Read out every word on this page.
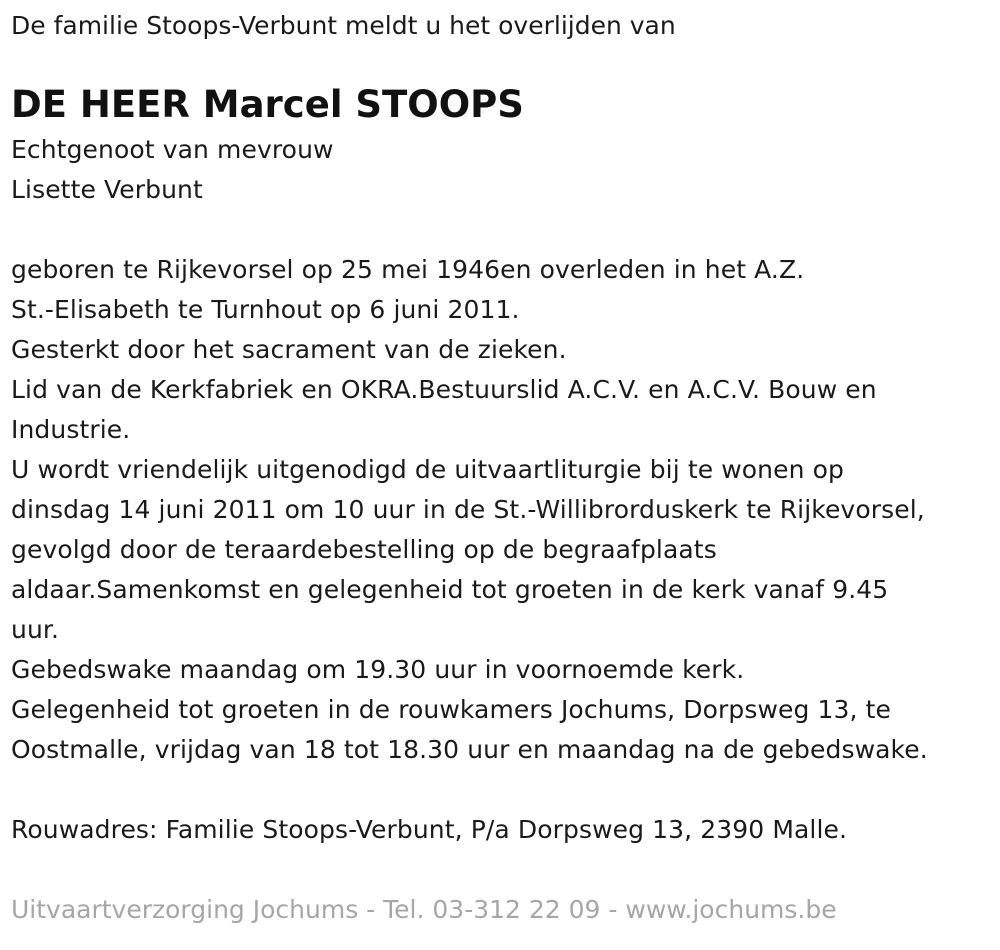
De familie Stoops-Verbunt meldt u het overlijden van
DE HEER Marcel STOOPS
Echtgenoot van mevrouw
Lisette Verbunt
geboren te Rijkevorsel op 25 mei 1946en overleden in het A.Z.
St.-Elisabeth te Turnhout op 6 juni 2011.
Gesterkt door het sacrament van de zieken.
Lid van de Kerkfabriek en OKRA.Bestuurslid A.C.V. en A.C.V. Bouw en
Industrie.
U wordt vriendelijk uitgenodigd de uitvaartliturgie bij te wonen op
dinsdag 14 juni 2011 om 10 uur in de St.-Willibrorduskerk te Rijkevorsel,
gevolgd door de teraardebestelling op de begraafplaats
aldaar.Samenkomst en gelegenheid tot groeten in de kerk vanaf 9.45
uur.
Gebedswake maandag om 19.30 uur in voornoemde kerk.
Gelegenheid tot groeten in de rouwkamers Jochums, Dorpsweg 13, te
Oostmalle, vrijdag van 18 tot 18.30 uur en maandag na de gebedswake.
Rouwadres: Familie Stoops-Verbunt, P/a Dorpsweg 13, 2390 Malle.
Uitvaartverzorging Jochums - Tel. 03-312 22 09 - www.jochums.be
